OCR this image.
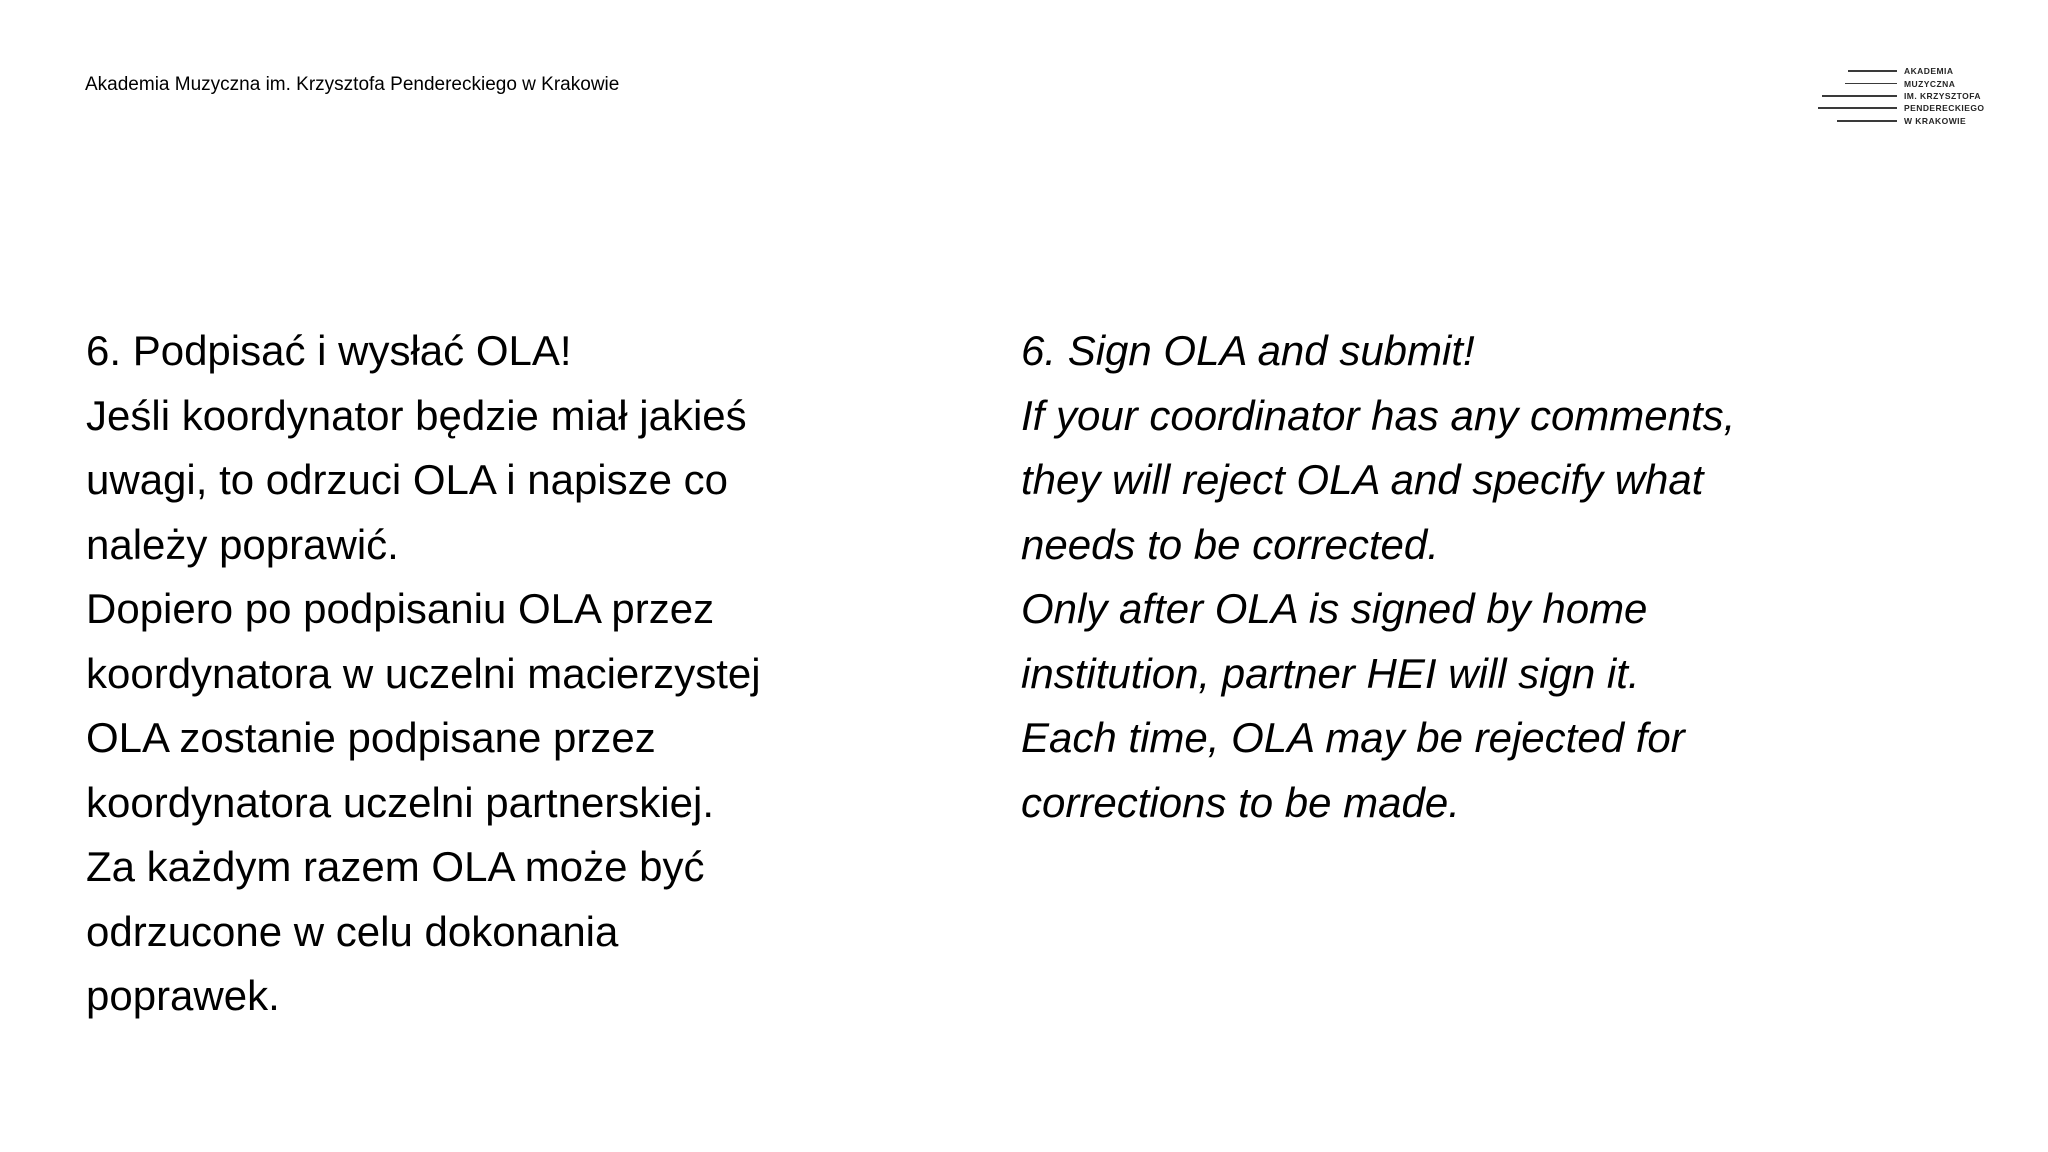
Akademia Muzyczna im. Krzysztofa Pendereckiego w Krakowie
AKADEMIA
MUZYCZNA
IM. KRZYSZTOFA
PENDERECKIEGO
W KRAKOWIE
6. Podpisać i wysłać OLA!
Jeśli koordynator będzie miał jakieś
uwagi, to odrzuci OLA i napisze co
należy poprawić.
Dopiero po podpisaniu OLA przez
koordynatora w uczelni macierzystej
OLA zostanie podpisane przez
koordynatora uczelni partnerskiej.
Za każdym razem OLA może być
odrzucone w celu dokonania
poprawek.
6. Sign OLA and submit!
If your coordinator has any comments,
they will reject OLA and specify what
needs to be corrected.
Only after OLA is signed by home
institution, partner HEI will sign it.
Each time, OLA may be rejected for
corrections to be made.
